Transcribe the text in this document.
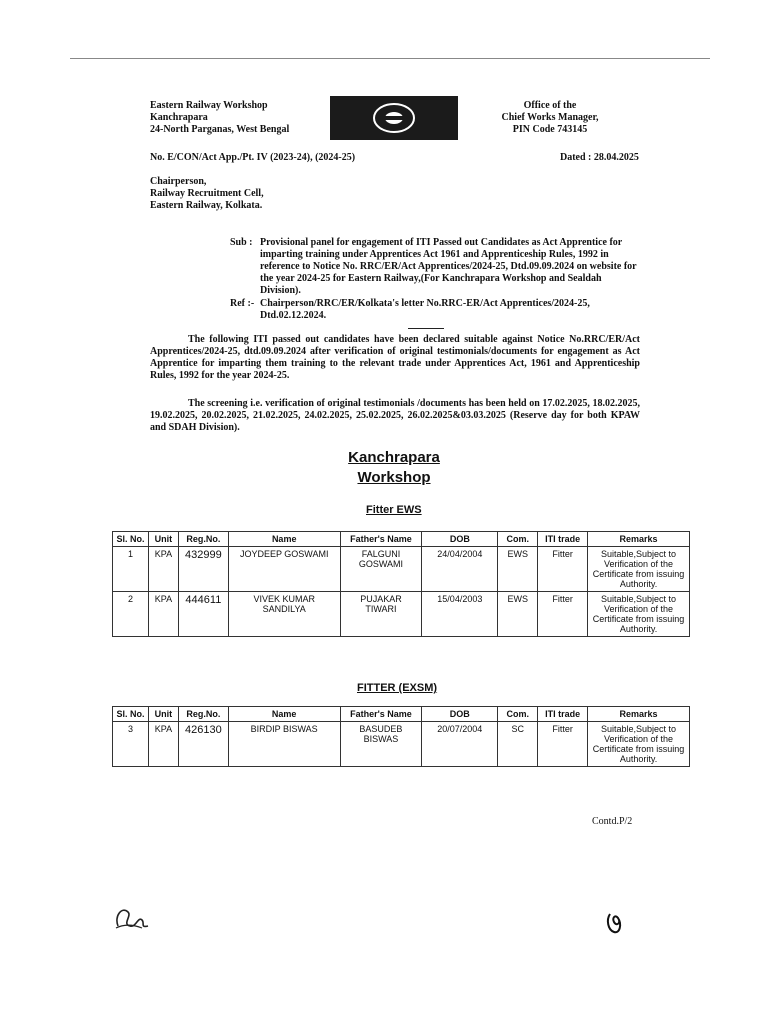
Eastern Railway Workshop
Kanchrapara
24-North Parganas, West Bengal
Office of the
Chief Works Manager,
PIN Code 743145
No. E/CON/Act App./Pt. IV (2023-24), (2024-25)	Dated : 28.04.2025
Chairperson,
Railway Recruitment Cell,
Eastern Railway, Kolkata.
Sub : Provisional panel for engagement of ITI Passed out Candidates as Act Apprentice for imparting training under Apprentices Act 1961 and Apprenticeship Rules, 1992 in reference to Notice No. RRC/ER/Act Apprentices/2024-25, Dtd.09.09.2024 on website for the year 2024-25 for Eastern Railway,(For Kanchrapara Workshop and Sealdah Division).
Ref :- Chairperson/RRC/ER/Kolkata's letter No.RRC-ER/Act Apprentices/2024-25, Dtd.02.12.2024.
The following ITI passed out candidates have been declared suitable against Notice No.RRC/ER/Act Apprentices/2024-25, dtd.09.09.2024 after verification of original testimonials/documents for engagement as Act Apprentice for imparting them training to the relevant trade under Apprentices Act, 1961 and Apprenticeship Rules, 1992 for the year 2024-25.
The screening i.e. verification of original testimonials /documents has been held on 17.02.2025, 18.02.2025, 19.02.2025, 20.02.2025, 21.02.2025, 24.02.2025, 25.02.2025, 26.02.2025&03.03.2025 (Reserve day for both KPAW and SDAH Division).
Kanchrapara
Workshop
Fitter EWS
Sl. No.	Unit	Reg.No.	Name	Father's Name	DOB	Com.	ITI trade	Remarks
1	KPA	432999	JOYDEEP GOSWAMI	FALGUNI GOSWAMI	24/04/2004	EWS	Fitter	Suitable,Subject to Verification of the Certificate from issuing Authority.
2	KPA	444611	VIVEK KUMAR SANDILYA	PUJAKAR TIWARI	15/04/2003	EWS	Fitter	Suitable,Subject to Verification of the Certificate from issuing Authority.
FITTER (EXSM)
Sl. No.	Unit	Reg.No.	Name	Father's Name	DOB	Com.	ITI trade	Remarks
3	KPA	426130	BIRDIP BISWAS	BASUDEB BISWAS	20/07/2004	SC	Fitter	Suitable,Subject to Verification of the Certificate from issuing Authority.
Contd.P/2
